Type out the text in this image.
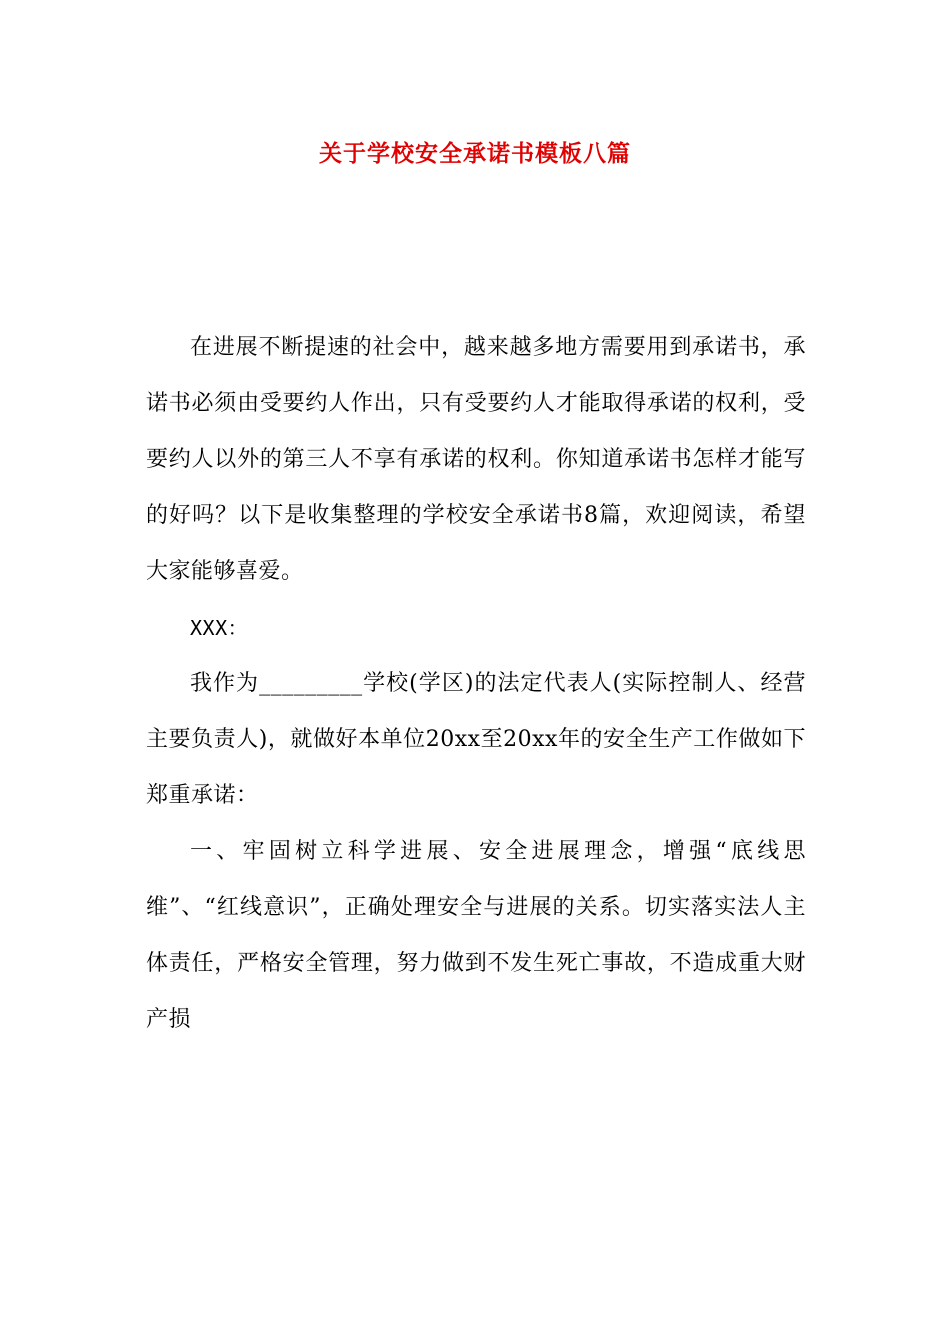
关于学校安全承诺书模板八篇

在进展不断提速的社会中，越来越多地方需要用到承诺书，承诺书必须由受要约人作出，只有受要约人才能取得承诺的权利，受要约人以外的第三人不享有承诺的权利。你知道承诺书怎样才能写的好吗？以下是收集整理的学校安全承诺书8篇，欢迎阅读，希望大家能够喜爱。

XXX：

我作为_________学校(学区)的法定代表人(实际控制人、经营主要负责人)，就做好本单位20xx至20xx年的安全生产工作做如下郑重承诺：

一、牢固树立科学进展、安全进展理念，增强“底线思维”、“红线意识”，正确处理安全与进展的关系。切实落实法人主体责任，严格安全管理，努力做到不发生死亡事故，不造成重大财产损
